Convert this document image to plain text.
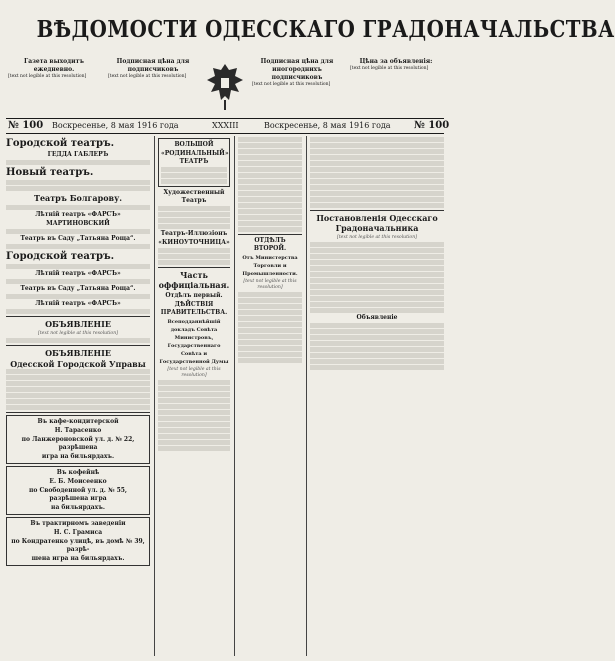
ВѢДОМОСТИ ОДЕССКАГО ГРАДОНАЧАЛЬСТВА
Газета выходитъ ежедневно.
[text not legible at this resolution]
Подписная цѣна для подписчиковъ
[text not legible at this resolution]
Подписная цѣна для иногороднихъ подписчиковъ
[text not legible at this resolution]
Цѣна за объявленія:
[text not legible at this resolution]
№ 100 Воскресенье, 8 мая 1916 года	ХХХІІІ	Воскресенье, 8 мая 1916 года № 100
Городской театръ.
ГЕДДА ГАБЛЕРЪ
Новый театръ.
Театръ Болгарову.
Лѣтній театръ «ФАРСЪ»
МАРТИНОВСКИЙ
Театръ въ Саду „Татьяна Роща“.
Городской театръ.
Лѣтній театръ «ФАРСЪ»
Театръ въ Саду „Татьяна Роща“.
Лѣтній театръ «ФАРСЪ»
ОБЪЯВЛЕНІЕ
[text not legible at this resolution]
ОБЪЯВЛЕНІЕ
Одесской Городской Управы
Въ кафе-кондитерской
Н. Тарасенко
по Ланжероновской ул. д. № 22, разрѣшена
игра на бильярдахъ.
Въ кофейнѣ
Е. Б. Моисеенко
по Свободенной ул. д. № 55, разрѣшена игра
на бильярдахъ.
Въ трактирномъ заведеніи
Н. С. Грамиса
по Кондратенко улицѣ, въ домѣ № 39, разрѣ-
шена игра на бильярдахъ.
ВОЛЬШОЙ
«РОДИНАЛЬНЫЙ» ТЕАТРЪ
Художественный Театръ
Театръ-Иллюзіонъ
«КИНОУТОЧНИЦА»
Часть оффиціальная.
Отдѣлъ первый.
ДѢЙСТВІЯ ПРАВИТЕЛЬСТВА.
Всеподданнѣйшій докладъ Совѣта Министровъ, Государственнаго Совѣта и Государственной Думы
[text not legible at this resolution]
ОТДѢЛЪ ВТОРОЙ.
Отъ Министерства Торговли и Промышленности.
[text not legible at this resolution]
Постановленія Одесскаго Градоначальника
[text not legible at this resolution]
Объявленіе
